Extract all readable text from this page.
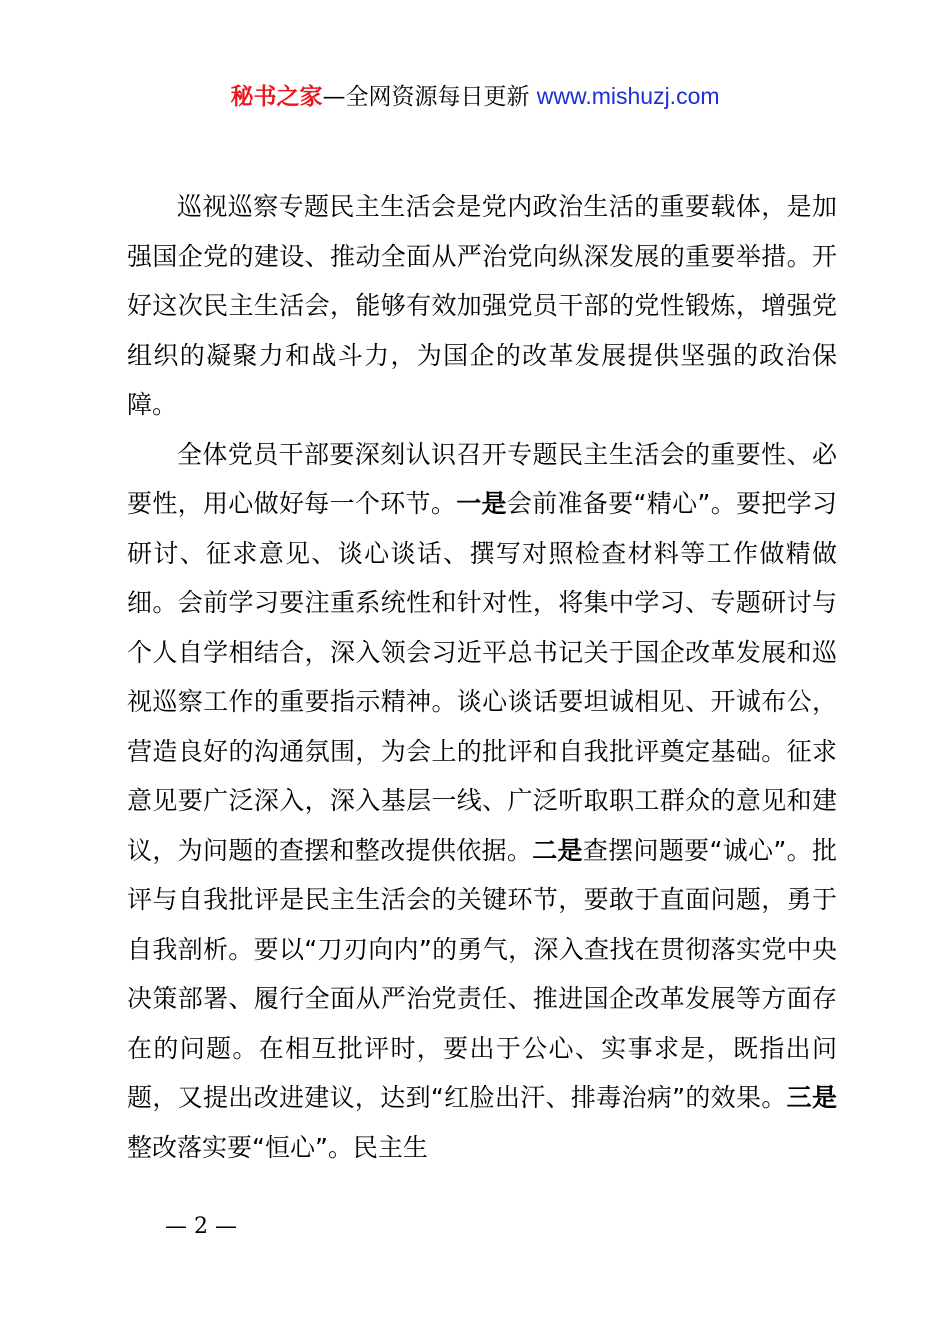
秘书之家—全网资源每日更新 www.mishuzj.com

巡视巡察专题民主生活会是党内政治生活的重要载体，是加强国企党的建设、推动全面从严治党向纵深发展的重要举措。开好这次民主生活会，能够有效加强党员干部的党性锻炼，增强党组织的凝聚力和战斗力，为国企的改革发展提供坚强的政治保障。

全体党员干部要深刻认识召开专题民主生活会的重要性、必要性，用心做好每一个环节。一是会前准备要“精心”。要把学习研讨、征求意见、谈心谈话、撰写对照检查材料等工作做精做细。会前学习要注重系统性和针对性，将集中学习、专题研讨与个人自学相结合，深入领会习近平总书记关于国企改革发展和巡视巡察工作的重要指示精神。谈心谈话要坦诚相见、开诚布公，营造良好的沟通氛围，为会上的批评和自我批评奠定基础。征求意见要广泛深入，深入基层一线、广泛听取职工群众的意见和建议，为问题的查摆和整改提供依据。二是查摆问题要“诚心”。批评与自我批评是民主生活会的关键环节，要敢于直面问题，勇于自我剖析。要以“刀刃向内”的勇气，深入查找在贯彻落实党中央决策部署、履行全面从严治党责任、推进国企改革发展等方面存在的问题。在相互批评时，要出于公心、实事求是，既指出问题，又提出改进建议，达到“红脸出汗、排毒治病”的效果。三是整改落实要“恒心”。民主生

— 2 —
